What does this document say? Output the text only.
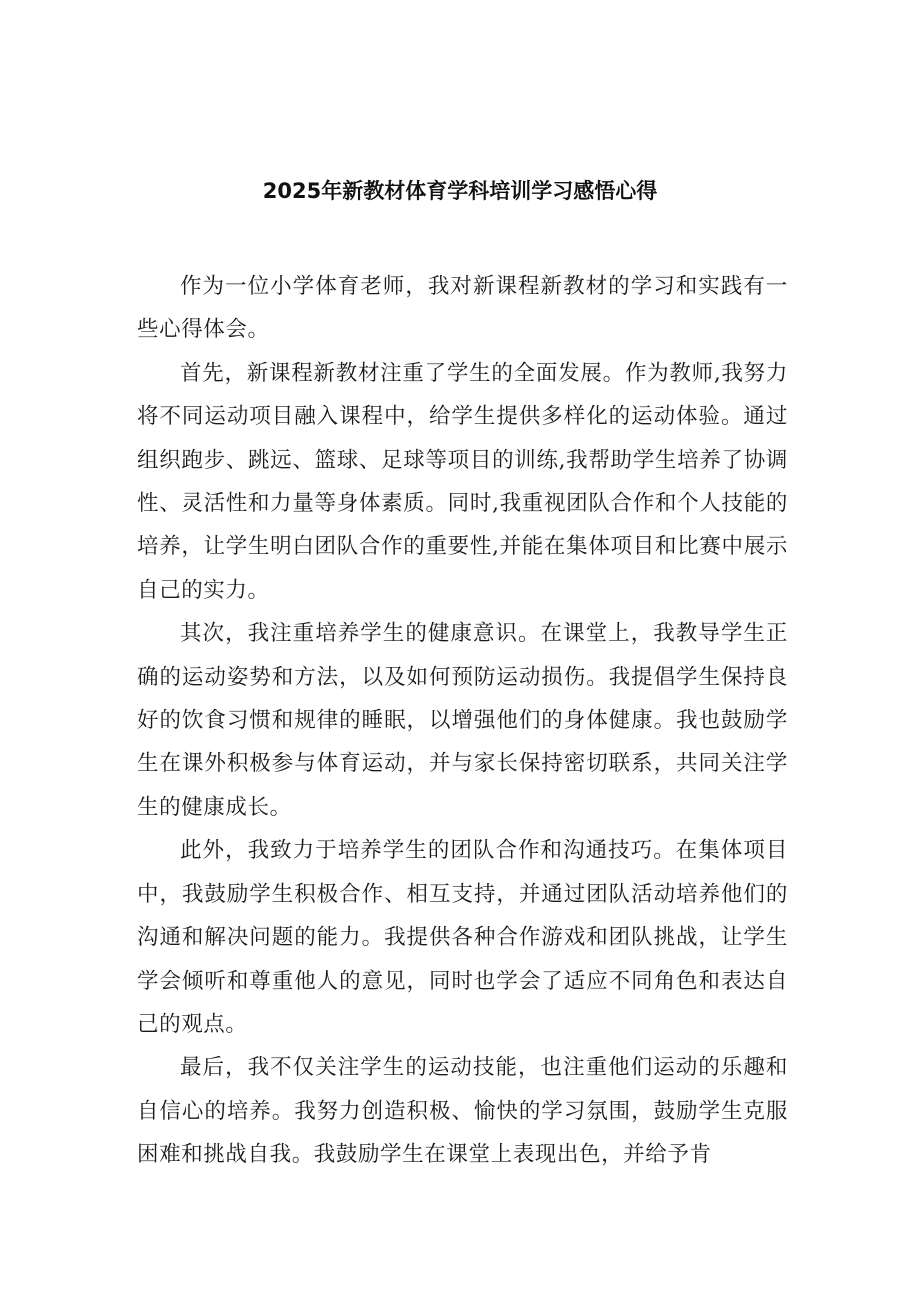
2025年新教材体育学科培训学习感悟心得

作为一位小学体育老师，我对新课程新教材的学习和实践有一些心得体会。

首先，新课程新教材注重了学生的全面发展。作为教师,我努力将不同运动项目融入课程中，给学生提供多样化的运动体验。通过组织跑步、跳远、篮球、足球等项目的训练,我帮助学生培养了协调性、灵活性和力量等身体素质。同时,我重视团队合作和个人技能的培养，让学生明白团队合作的重要性,并能在集体项目和比赛中展示自己的实力。

其次，我注重培养学生的健康意识。在课堂上，我教导学生正确的运动姿势和方法，以及如何预防运动损伤。我提倡学生保持良好的饮食习惯和规律的睡眠，以增强他们的身体健康。我也鼓励学生在课外积极参与体育运动，并与家长保持密切联系，共同关注学生的健康成长。

此外，我致力于培养学生的团队合作和沟通技巧。在集体项目中，我鼓励学生积极合作、相互支持，并通过团队活动培养他们的沟通和解决问题的能力。我提供各种合作游戏和团队挑战，让学生学会倾听和尊重他人的意见，同时也学会了适应不同角色和表达自己的观点。

最后，我不仅关注学生的运动技能，也注重他们运动的乐趣和自信心的培养。我努力创造积极、愉快的学习氛围，鼓励学生克服困难和挑战自我。我鼓励学生在课堂上表现出色，并给予肯
